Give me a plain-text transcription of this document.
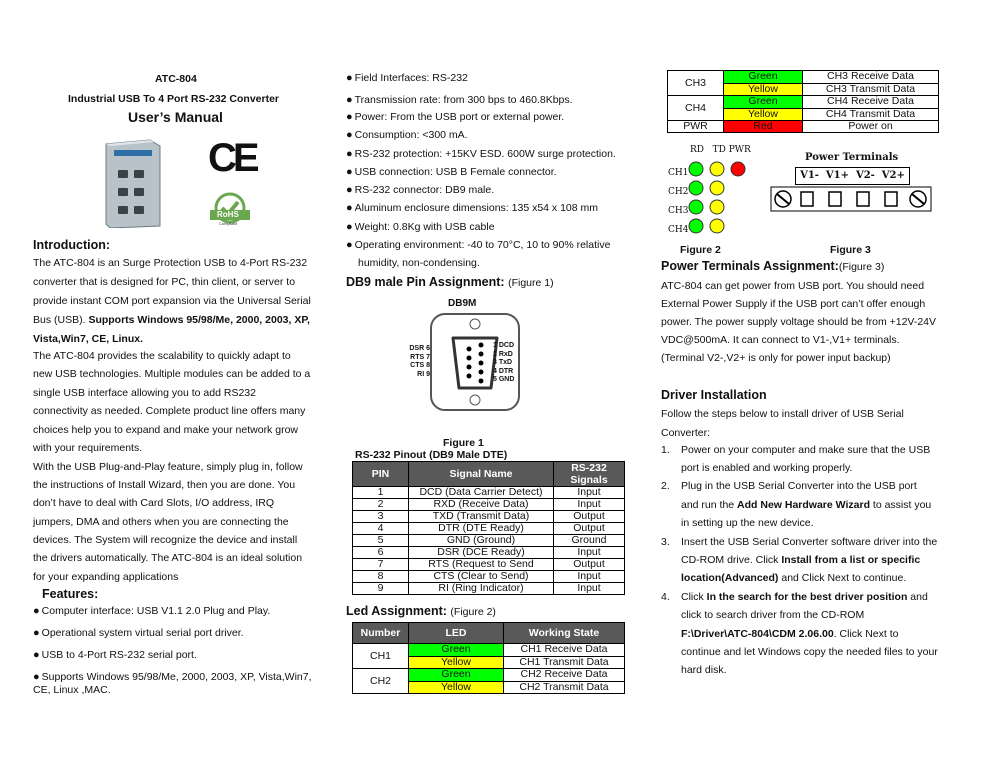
ATC-804
Industrial USB To 4 Port RS-232 Converter
User’s Manual
CE
RoHS
Compliant
Introduction:
The ATC-804 is an Surge Protection USB to 4-Port RS-232
converter that is designed for PC, thin client, or server to
provide instant COM port expansion via the Universal Serial
Bus (USB). Supports Windows 95/98/Me, 2000, 2003, XP,
Vista,Win7, CE, Linux.
The ATC-804 provides the scalability to quickly adapt to
new USB technologies. Multiple modules can be added to a
single USB interface allowing you to add RS232
connectivity as needed. Complete product line offers many
choices help you to expand and make your network grow
with your requirements.
With the USB Plug-and-Play feature, simply plug in, follow
the instructions of Install Wizard, then you are done. You
don’t have to deal with Card Slots, I/O address, IRQ
jumpers, DMA and others when you are connecting the
devices. The System will recognize the device and install
the drivers automatically. The ATC-804 is an ideal solution
for your expanding applications
Features:
● Computer interface: USB V1.1 2.0 Plug and Play.
● Operational system virtual serial port driver.
● USB to 4-Port RS-232 serial port.
● Supports Windows 95/98/Me, 2000, 2003, XP, Vista,Win7,
CE, Linux ,MAC.
● Field Interfaces: RS-232
● Transmission rate: from 300 bps to 460.8Kbps.
● Power: From the USB port or external power.
● Consumption: <300 mA.
● RS-232 protection: +15KV ESD. 600W surge protection.
● USB connection: USB B Female connector.
● RS-232 connector: DB9 male.
● Aluminum enclosure dimensions: 135 x54 x 108 mm
● Weight: 0.8Kg with USB cable
● Operating environment: -40 to 70°C, 10 to 90% relative
humidity, non-condensing.
DB9 male Pin Assignment: (Figure 1)
DB9M
DSR 6
RTS 7
CTS 8
RI 9
1 DCD
2 RxD
3 TxD
4 DTR
5 GND
Figure 1
RS-232 Pinout (DB9 Male DTE)
PIN	Signal Name	RS-232 Signals
1	DCD (Data Carrier Detect)	Input
2	RXD (Receive Data)	Input
3	TXD (Transmit Data)	Output
4	DTR (DTE Ready)	Output
5	GND (Ground)	Ground
6	DSR (DCE Ready)	Input
7	RTS (Request to Send	Output
8	CTS (Clear to Send)	Input
9	RI (Ring Indicator)	Input
Led Assignment: (Figure 2)
Number	LED	Working State
CH1	Green	CH1 Receive Data
	Yellow	CH1 Transmit Data
CH2	Green	CH2 Receive Data
	Yellow	CH2 Transmit Data
CH3	Green	CH3 Receive Data
	Yellow	CH3 Transmit Data
CH4	Green	CH4 Receive Data
	Yellow	CH4 Transmit Data
PWR	Red	Power on
RD TD PWR
CH1
CH2
CH3
CH4
Power Terminals
V1-  V1+  V2-  V2+
Figure 2	Figure 3
Power Terminals Assignment:(Figure 3)
ATC-804 can get power from USB port. You should need
External Power Supply if the USB port can’t offer enough
power. The power supply voltage should be from +12V-24V
VDC@500mA. It can connect to V1-,V1+ terminals.
(Terminal V2-,V2+ is only for power input backup)
Driver Installation
Follow the steps below to install driver of USB Serial
Converter:
1. Power on your computer and make sure that the USB
port is enabled and working properly.
2. Plug in the USB Serial Converter into the USB port
and run the Add New Hardware Wizard to assist you
in setting up the new device.
3. Insert the USB Serial Converter software driver into the
CD-ROM drive. Click Install from a list or specific
location(Advanced) and Click Next to continue.
4. Click In the search for the best driver position and
click to search driver from the CD-ROM
F:\Driver\ATC-804\CDM 2.06.00. Click Next to
continue and let Windows copy the needed files to your
hard disk.
